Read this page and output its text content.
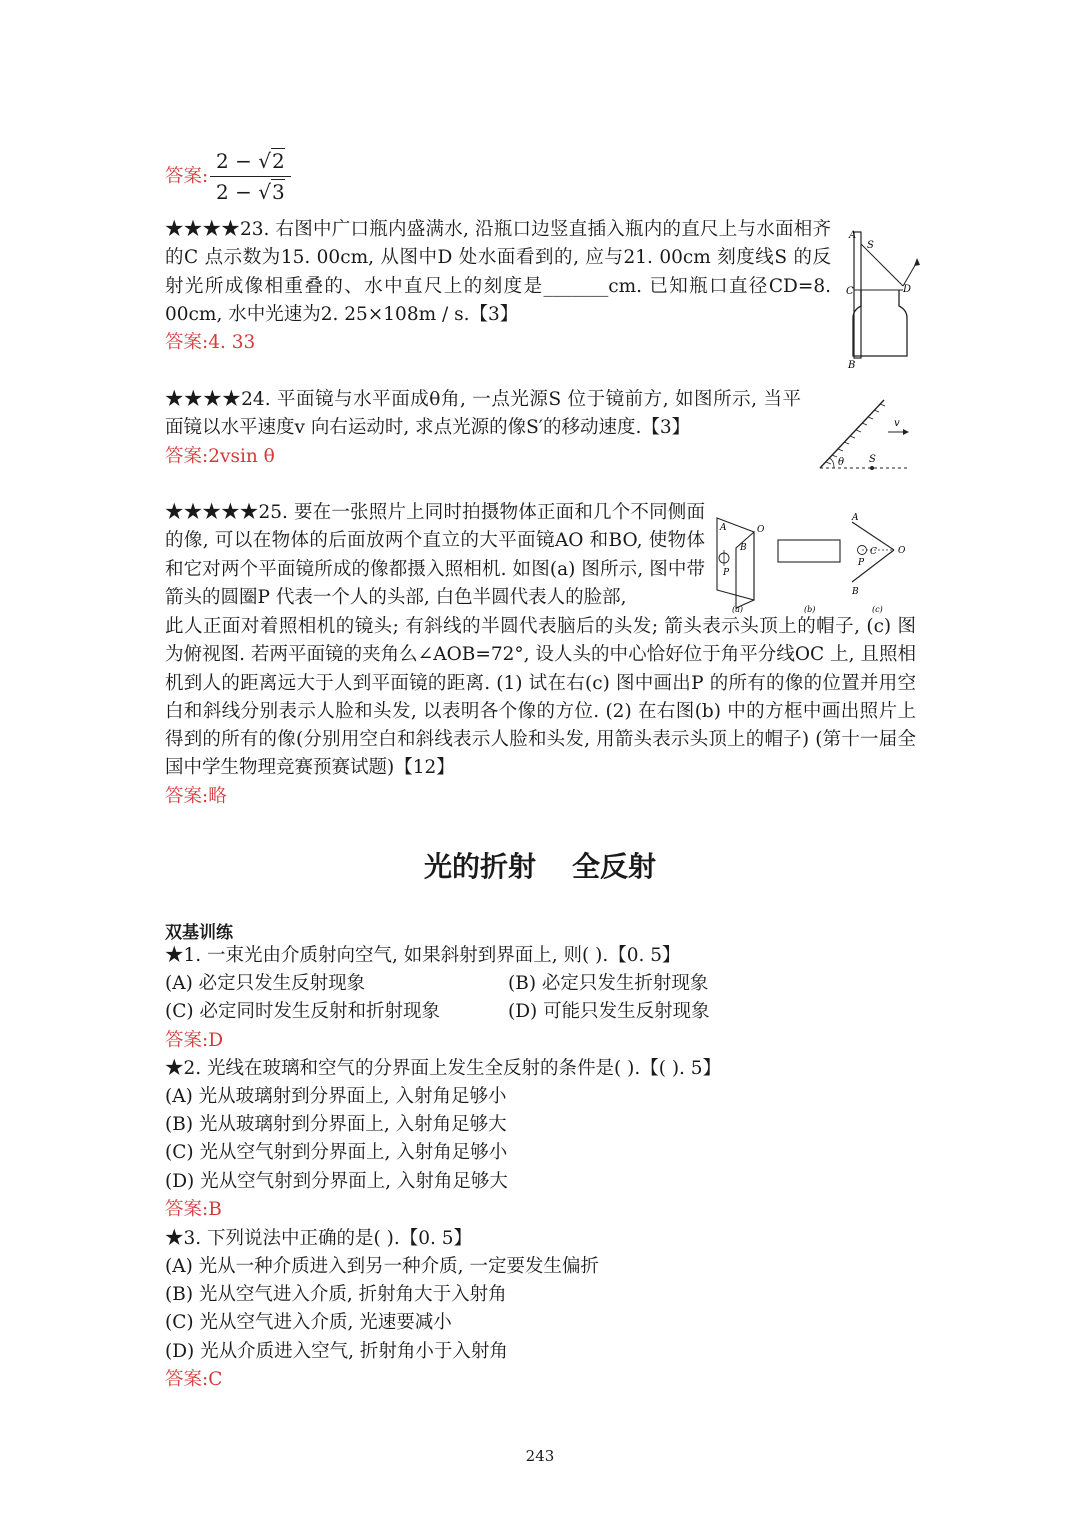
答案:
2 − √2
2 − √3
★★★★23. 右图中广口瓶内盛满水, 沿瓶口边竖直插入瓶内的直尺上与水面相齐的C 点示数为15. 00cm, 从图中D 处水面看到的, 应与21. 00cm 刻度线S 的反射光所成像相重叠的、水中直尺上的刻度是_______cm. 已知瓶口直径CD=8. 00cm, 水中光速为2. 25×108m / s.【3】
答案:4. 33
A
S
C	D
B
★★★★24. 平面镜与水平面成θ角, 一点光源S 位于镜前方, 如图所示, 当平面镜以水平速度v 向右运动时, 求点光源的像S′的移动速度.【3】
答案:2vsin θ
v
θ S
★★★★★25. 要在一张照片上同时拍摄物体正面和几个不同侧面的像, 可以在物体的后面放两个直立的大平面镜AO 和BO, 使物体和它对两个平面镜所成的像都摄入照相机. 如图(a) 图所示, 图中带箭头的圆圈P 代表一个人的头部, 白色半圆代表人的脸部,
此人正面对着照相机的镜头; 有斜线的半圆代表脑后的头发; 箭头表示头顶上的帽子, (c) 图为俯视图. 若两平面镜的夹角么∠AOB=72°, 设人头的中心恰好位于角平分线OC 上, 且照相机到人的距离远大于人到平面镜的距离. (1) 试在右(c) 图中画出P 的所有的像的位置并用空白和斜线分别表示人脸和头发, 以表明各个像的方位. (2) 在右图(b) 中的方框中画出照片上得到的所有的像(分别用空白和斜线表示人脸和头发, 用箭头表示头顶上的帽子) (第十一届全国中学生物理竞赛预赛试题)【12】
答案:略
A
B
O
P
(a)	(b)
A
B
O
C
P
(c)
光的折射 全反射
双基训练
★1. 一束光由介质射向空气, 如果斜射到界面上, 则( ).【0. 5】
(A) 必定只发生反射现象	(B) 必定只发生折射现象
(C) 必定同时发生反射和折射现象	(D) 可能只发生反射现象
答案:D
★2. 光线在玻璃和空气的分界面上发生全反射的条件是( ).【( ). 5】
(A) 光从玻璃射到分界面上, 入射角足够小
(B) 光从玻璃射到分界面上, 入射角足够大
(C) 光从空气射到分界面上, 入射角足够小
(D) 光从空气射到分界面上, 入射角足够大
答案:B
★3. 下列说法中正确的是( ).【0. 5】
(A) 光从一种介质进入到另一种介质, 一定要发生偏折
(B) 光从空气进入介质, 折射角大于入射角
(C) 光从空气进入介质, 光速要减小
(D) 光从介质进入空气, 折射角小于入射角
答案:C
243
